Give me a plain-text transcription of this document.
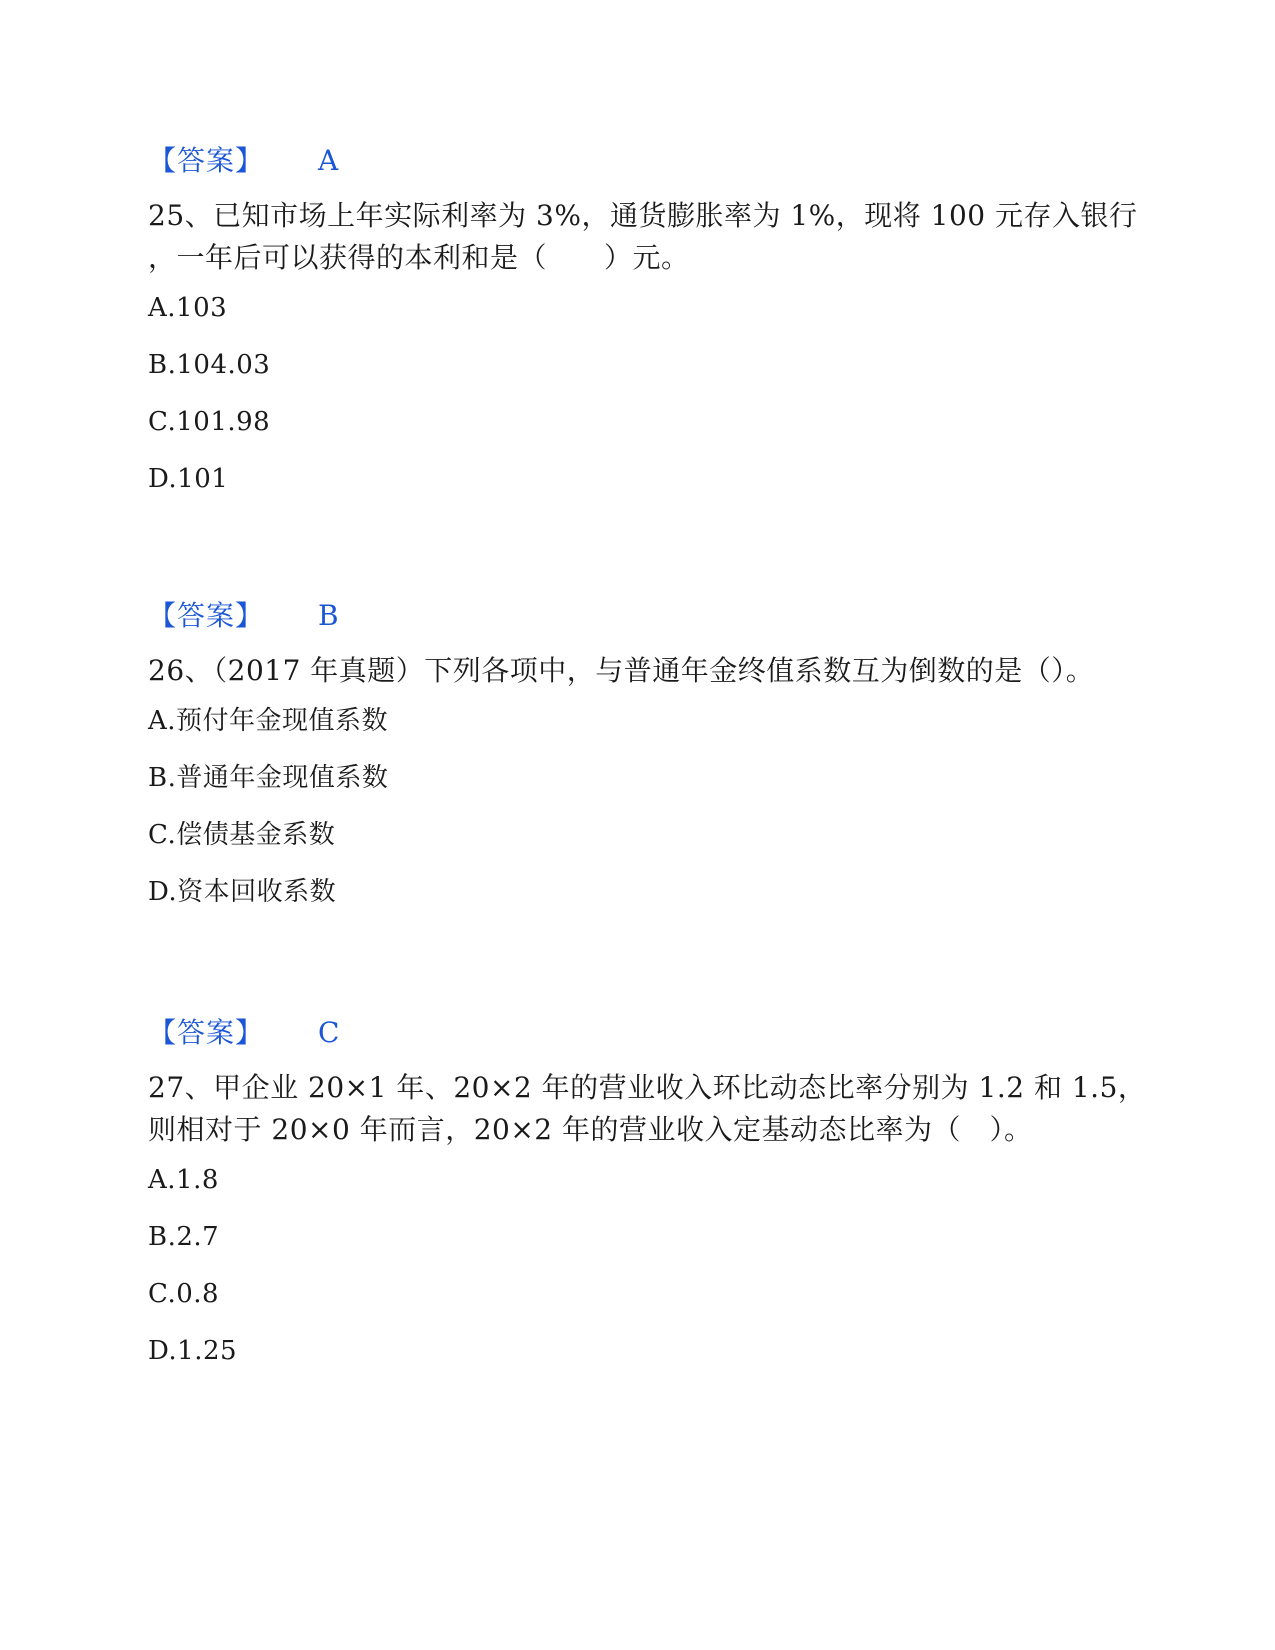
【答案】 A
25、已知市场上年实际利率为 3%，通货膨胀率为 1%，现将 100 元存入银行
，一年后可以获得的本利和是（　　）元。
A.103
B.104.03
C.101.98
D.101
【答案】 B
26、（2017 年真题）下列各项中，与普通年金终值系数互为倒数的是（）。
A.预付年金现值系数
B.普通年金现值系数
C.偿债基金系数
D.资本回收系数
【答案】 C
27、甲企业 20×1 年、20×2 年的营业收入环比动态比率分别为 1.2 和 1.5，
则相对于 20×0 年而言，20×2 年的营业收入定基动态比率为（　）。
A.1.8
B.2.7
C.0.8
D.1.25
